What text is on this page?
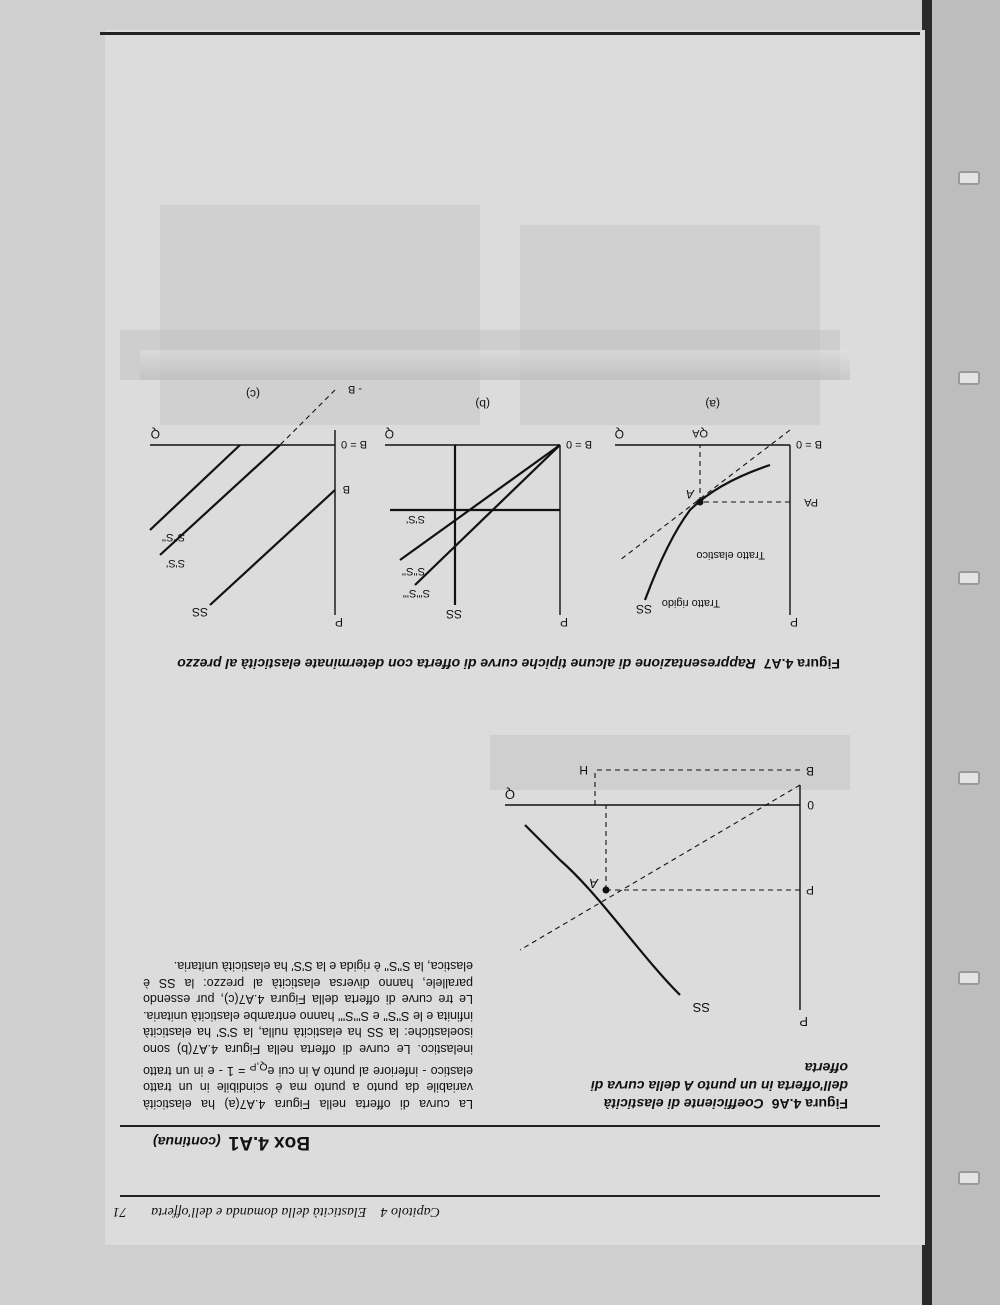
Capitolo 4    Elasticità della domanda e dell'offerta       71
Box 4.A1(continua)
La curva di offerta nella Figura 4.A7(a) ha elasticità variabile da punto a punto ma è scindibile in un tratto elastico - inferiore al punto A in cui $e_{Q,P} = 1 - e$ in un tratto inelastico. Le curve di offerta nella Figura 4.A7(b) sono isoelastiche: la SS ha elasticità nulla, la S'S' ha elasticità infinita e le S''S'' e S'''S''' hanno entrambe elasticità unitaria. Le tre curve di offerta della Figura 4.A7(c), pur essendo parallele, hanno diversa elasticità al prezzo: la SS è elastica, la S''S'' è rigida e la S'S' ha elasticità unitaria.
Figura 4.A6Coefficiente di elasticità dell'offerta in un punto A della curva di offerta
P
Q
0
SS
A	P
B
H
Figura 4.A7Rappresentazione di alcune tipiche curve di offerta con determinate elasticità al prezzo
P
Q
B = 0
SS Tratto rigido
Tratto elastico
A
PA
QA
(a)
P
Q
B = 0
SS
S'''S'''
S''S''
S'S'
(b)
P
Q
B = 0
B
- B
SS
S'S'
S''S''
(c)
